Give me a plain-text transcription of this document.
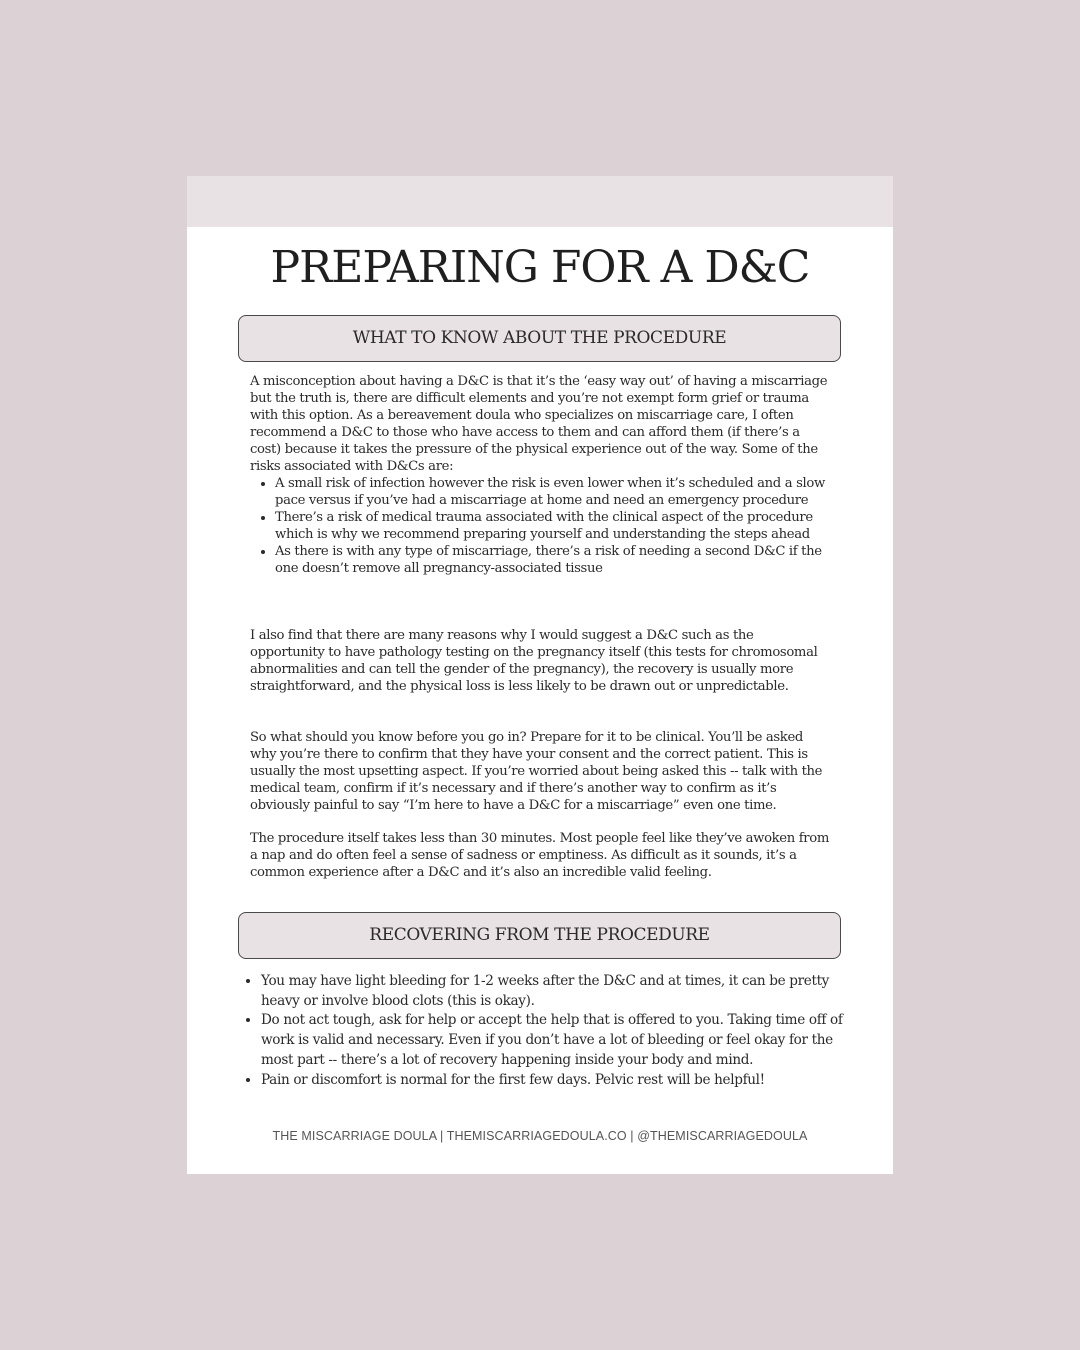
PREPARING FOR A D&C
WHAT TO KNOW ABOUT THE PROCEDURE

A misconception about having a D&C is that it’s the ‘easy way out’ of having a miscarriage but the truth is, there are difficult elements and you’re not exempt form grief or trauma with this option. As a bereavement doula who specializes on miscarriage care, I often recommend a D&C to those who have access to them and can afford them (if there’s a cost) because it takes the pressure of the physical experience out of the way. Some of the risks associated with D&Cs are:

• A small risk of infection however the risk is even lower when it’s scheduled and a slow pace versus if you’ve had a miscarriage at home and need an emergency procedure
• There’s a risk of medical trauma associated with the clinical aspect of the procedure which is why we recommend preparing yourself and understanding the steps ahead
• As there is with any type of miscarriage, there’s a risk of needing a second D&C if the one doesn’t remove all pregnancy-associated tissue

I also find that there are many reasons why I would suggest a D&C such as the opportunity to have pathology testing on the pregnancy itself (this tests for chromosomal abnormalities and can tell the gender of the pregnancy), the recovery is usually more straightforward, and the physical loss is less likely to be drawn out or unpredictable.

So what should you know before you go in? Prepare for it to be clinical. You’ll be asked why you’re there to confirm that they have your consent and the correct patient. This is usually the most upsetting aspect. If you’re worried about being asked this -- talk with the medical team, confirm if it’s necessary and if there’s another way to confirm as it’s obviously painful to say “I’m here to have a D&C for a miscarriage” even one time.

The procedure itself takes less than 30 minutes. Most people feel like they’ve awoken from a nap and do often feel a sense of sadness or emptiness. As difficult as it sounds, it’s a common experience after a D&C and it’s also an incredible valid feeling.

RECOVERING FROM THE PROCEDURE
• You may have light bleeding for 1-2 weeks after the D&C and at times, it can be pretty heavy or involve blood clots (this is okay).
• Do not act tough, ask for help or accept the help that is offered to you. Taking time off of work is valid and necessary. Even if you don’t have a lot of bleeding or feel okay for the most part -- there’s a lot of recovery happening inside your body and mind.
• Pain or discomfort is normal for the first few days. Pelvic rest will be helpful!
THE MISCARRIAGE DOULA | THEMISCARRIAGEDOULA.CO | @THEMISCARRIAGEDOULA
